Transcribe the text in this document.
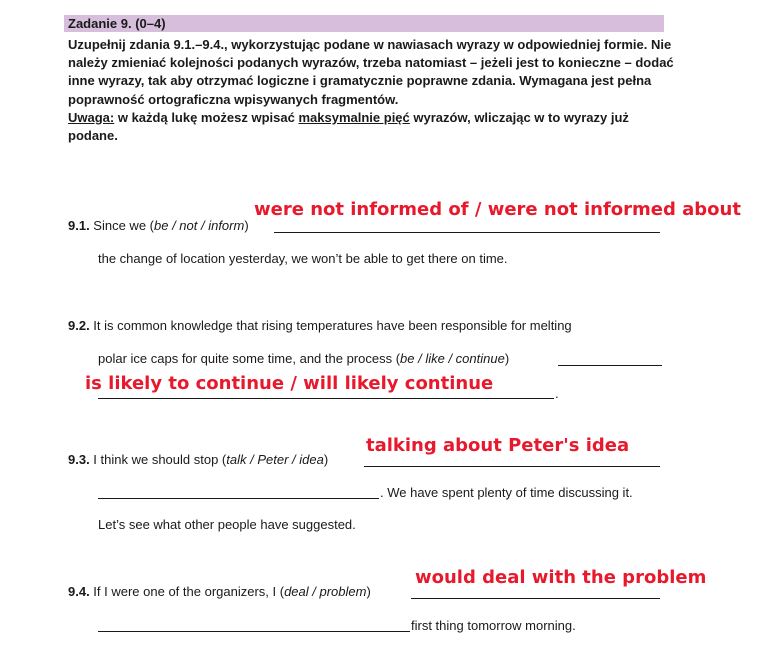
Zadanie 9. (0–4)
Uzupełnij zdania 9.1.–9.4., wykorzystując podane w nawiasach wyrazy w odpowiedniej formie. Nie należy zmieniać kolejności podanych wyrazów, trzeba natomiast – jeżeli jest to konieczne – dodać inne wyrazy, tak aby otrzymać logiczne i gramatycznie poprawne zdania. Wymagana jest pełna poprawność ortograficzna wpisywanych fragmentów.
Uwaga: w każdą lukę możesz wpisać maksymalnie pięć wyrazów, wliczając w to wyrazy już podane.
were not informed of / were not informed about
9.1. Since we (be / not / inform)
the change of location yesterday, we won’t be able to get there on time.
9.2. It is common knowledge that rising temperatures have been responsible for melting
polar ice caps for quite some time, and the process (be / like / continue)
is likely to continue / will likely continue	.
talking about Peter's idea
9.3. I think we should stop (talk / Peter / idea)
. We have spent plenty of time discussing it.
Let’s see what other people have suggested.
would deal with the problem
9.4. If I were one of the organizers, I (deal / problem)
first thing tomorrow morning.
